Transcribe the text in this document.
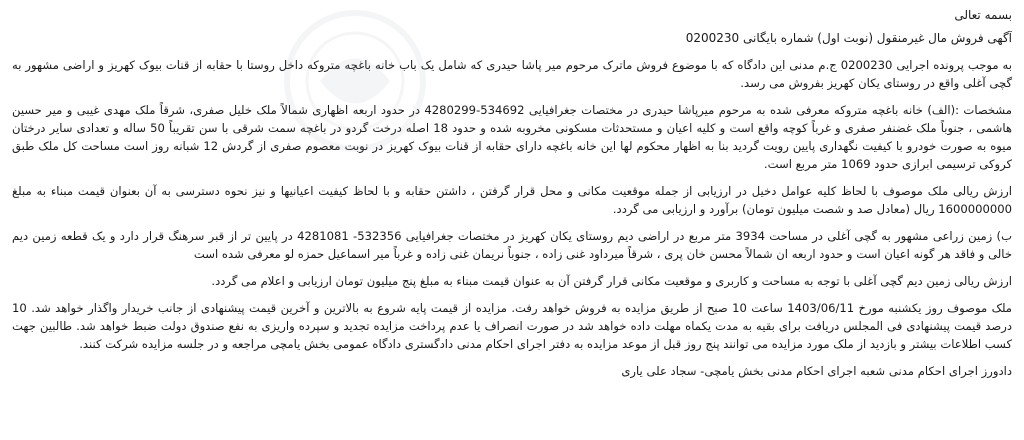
بسمه تعالی

آگهی فروش مال غیرمنقول (نوبت اول) شماره بایگانی 0200230

به موجب پرونده اجرایی 0200230 ج.م مدنی این دادگاه که با موضوع فروش ماترک مرحوم میر پاشا حیدری که شامل یک باب خانه باغچه متروکه داخل روستا با حقابه از قنات بیوک کهریز و اراضی مشهور به گچی آغلی واقع در روستای یکان کهریز بفروش می رسد.

مشخصات :(الف) خانه باغچه متروکه معرفی شده به مرحوم میرپاشا حیدری در مختصات جغرافیایی 534692-4280299 در حدود اربعه اظهاری شمالاً ملک خلیل صفری، شرقاً ملک مهدی غیبی و میر حسین هاشمی ، جنوباً ملک غضنفر صفری و غرباً کوچه واقع است و کلیه اعیان و مستحدثات مسکونی مخروبه شده و حدود 18 اصله درخت گردو در باغچه سمت شرقی با سن تقریباً 50 ساله و تعدادی سایر درختان میوه به صورت خودرو با کیفیت نگهداری پایین رویت گردید بنا به اظهار محکوم لها این خانه باغچه دارای حقابه از قنات بیوک کهریز در نوبت معصوم صفری از گردش 12 شبانه روز است مساحت کل ملک طبق کروکی ترسیمی ابرازی حدود 1069 متر مربع است.

ارزش ریالی ملک موصوف با لحاظ کلیه عوامل دخیل در ارزیابی از جمله موقعیت مکانی و محل قرار گرفتن ، داشتن حقابه و با لحاظ کیفیت اعیانیها و نیز نحوه دسترسی به آن بعنوان قیمت مبناء به مبلغ 1600000000 ریال (معادل صد و شصت میلیون تومان) برآورد و ارزیابی می گردد.

ب) زمین زراعی مشهور به گچی آغلی در مساحت 3934 متر مربع در اراضی دیم روستای یکان کهریز در مختصات جغرافیایی 532356- 4281081 در پایین تر از قبر سرهنگ قرار دارد و یک قطعه زمین دیم خالی و فاقد هر گونه اعیان است و حدود اربعه ان شمالاً محسن خان پری ، شرقاً میرداود غنی زاده ، جنوباً نریمان غنی زاده و غرباً میر اسماعیل حمزه لو معرفی شده است

ارزش ریالی زمین دیم گچی آغلی با توجه به مساحت و کاربری و موقعیت مکانی قرار گرفتن آن به عنوان قیمت مبناء به مبلغ پنج میلیون تومان ارزیابی و اعلام می گردد.

ملک موصوف روز یکشنبه مورخ 1403/06/11 ساعت 10 صبح از طریق مزایده به فروش خواهد رفت. مزایده از قیمت پایه شروع به بالاترین و آخرین قیمت پیشنهادی از جانب خریدار واگذار خواهد شد. 10 درصد قیمت پیشنهادی فی المجلس دریافت برای بقیه به مدت یکماه مهلت داده خواهد شد در صورت انصراف یا عدم پرداخت مزایده تجدید و سپرده واریزی به نفع صندوق دولت ضبط خواهد شد. طالبین جهت کسب اطلاعات بیشتر و بازدید از ملک مورد مزایده می توانند پنج روز قبل از موعد مزایده به دفتر اجرای احکام مدنی دادگستری دادگاه عمومی بخش یامچی مراجعه و در جلسه مزایده شرکت کنند.

دادورز اجرای احکام مدنی شعبه اجرای احکام مدنی بخش یامچی- سجاد علی یاری
